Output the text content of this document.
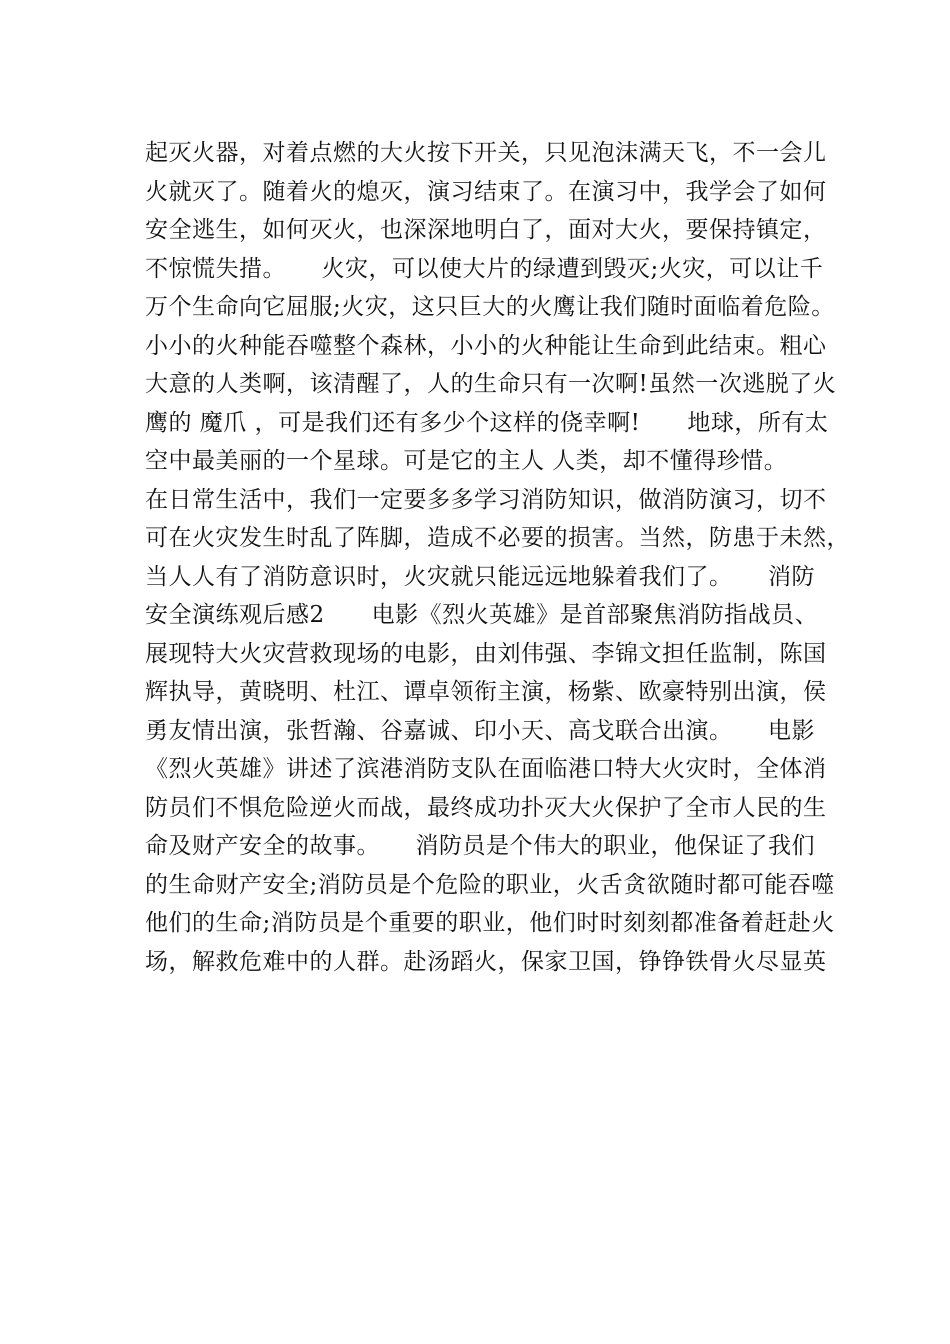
起灭火器，对着点燃的大火按下开关，只见泡沫满天飞，不一会儿
火就灭了。随着火的熄灭，演习结束了。在演习中，我学会了如何
安全逃生，如何灭火，也深深地明白了，面对大火，要保持镇定，
不惊慌失措。　　火灾，可以使大片的绿遭到毁灭;火灾，可以让千
万个生命向它屈服;火灾，这只巨大的火鹰让我们随时面临着危险。
小小的火种能吞噬整个森林，小小的火种能让生命到此结束。粗心
大意的人类啊，该清醒了，人的生命只有一次啊!虽然一次逃脱了火
鹰的 魔爪 ，可是我们还有多少个这样的侥幸啊!　　地球，所有太
空中最美丽的一个星球。可是它的主人 人类，却不懂得珍惜。
在日常生活中，我们一定要多多学习消防知识，做消防演习，切不
可在火灾发生时乱了阵脚，造成不必要的损害。当然，防患于未然，
当人人有了消防意识时，火灾就只能远远地躲着我们了。　　消防
安全演练观后感2　　电影《烈火英雄》是首部聚焦消防指战员、
展现特大火灾营救现场的电影，由刘伟强、李锦文担任监制，陈国
辉执导，黄晓明、杜江、谭卓领衔主演，杨紫、欧豪特别出演，侯
勇友情出演，张哲瀚、谷嘉诚、印小天、高戈联合出演。　　电影
《烈火英雄》讲述了滨港消防支队在面临港口特大火灾时，全体消
防员们不惧危险逆火而战，最终成功扑灭大火保护了全市人民的生
命及财产安全的故事。　　消防员是个伟大的职业，他保证了我们
的生命财产安全;消防员是个危险的职业，火舌贪欲随时都可能吞噬
他们的生命;消防员是个重要的职业，他们时时刻刻都准备着赶赴火
场，解救危难中的人群。赴汤蹈火，保家卫国，铮铮铁骨火尽显英
